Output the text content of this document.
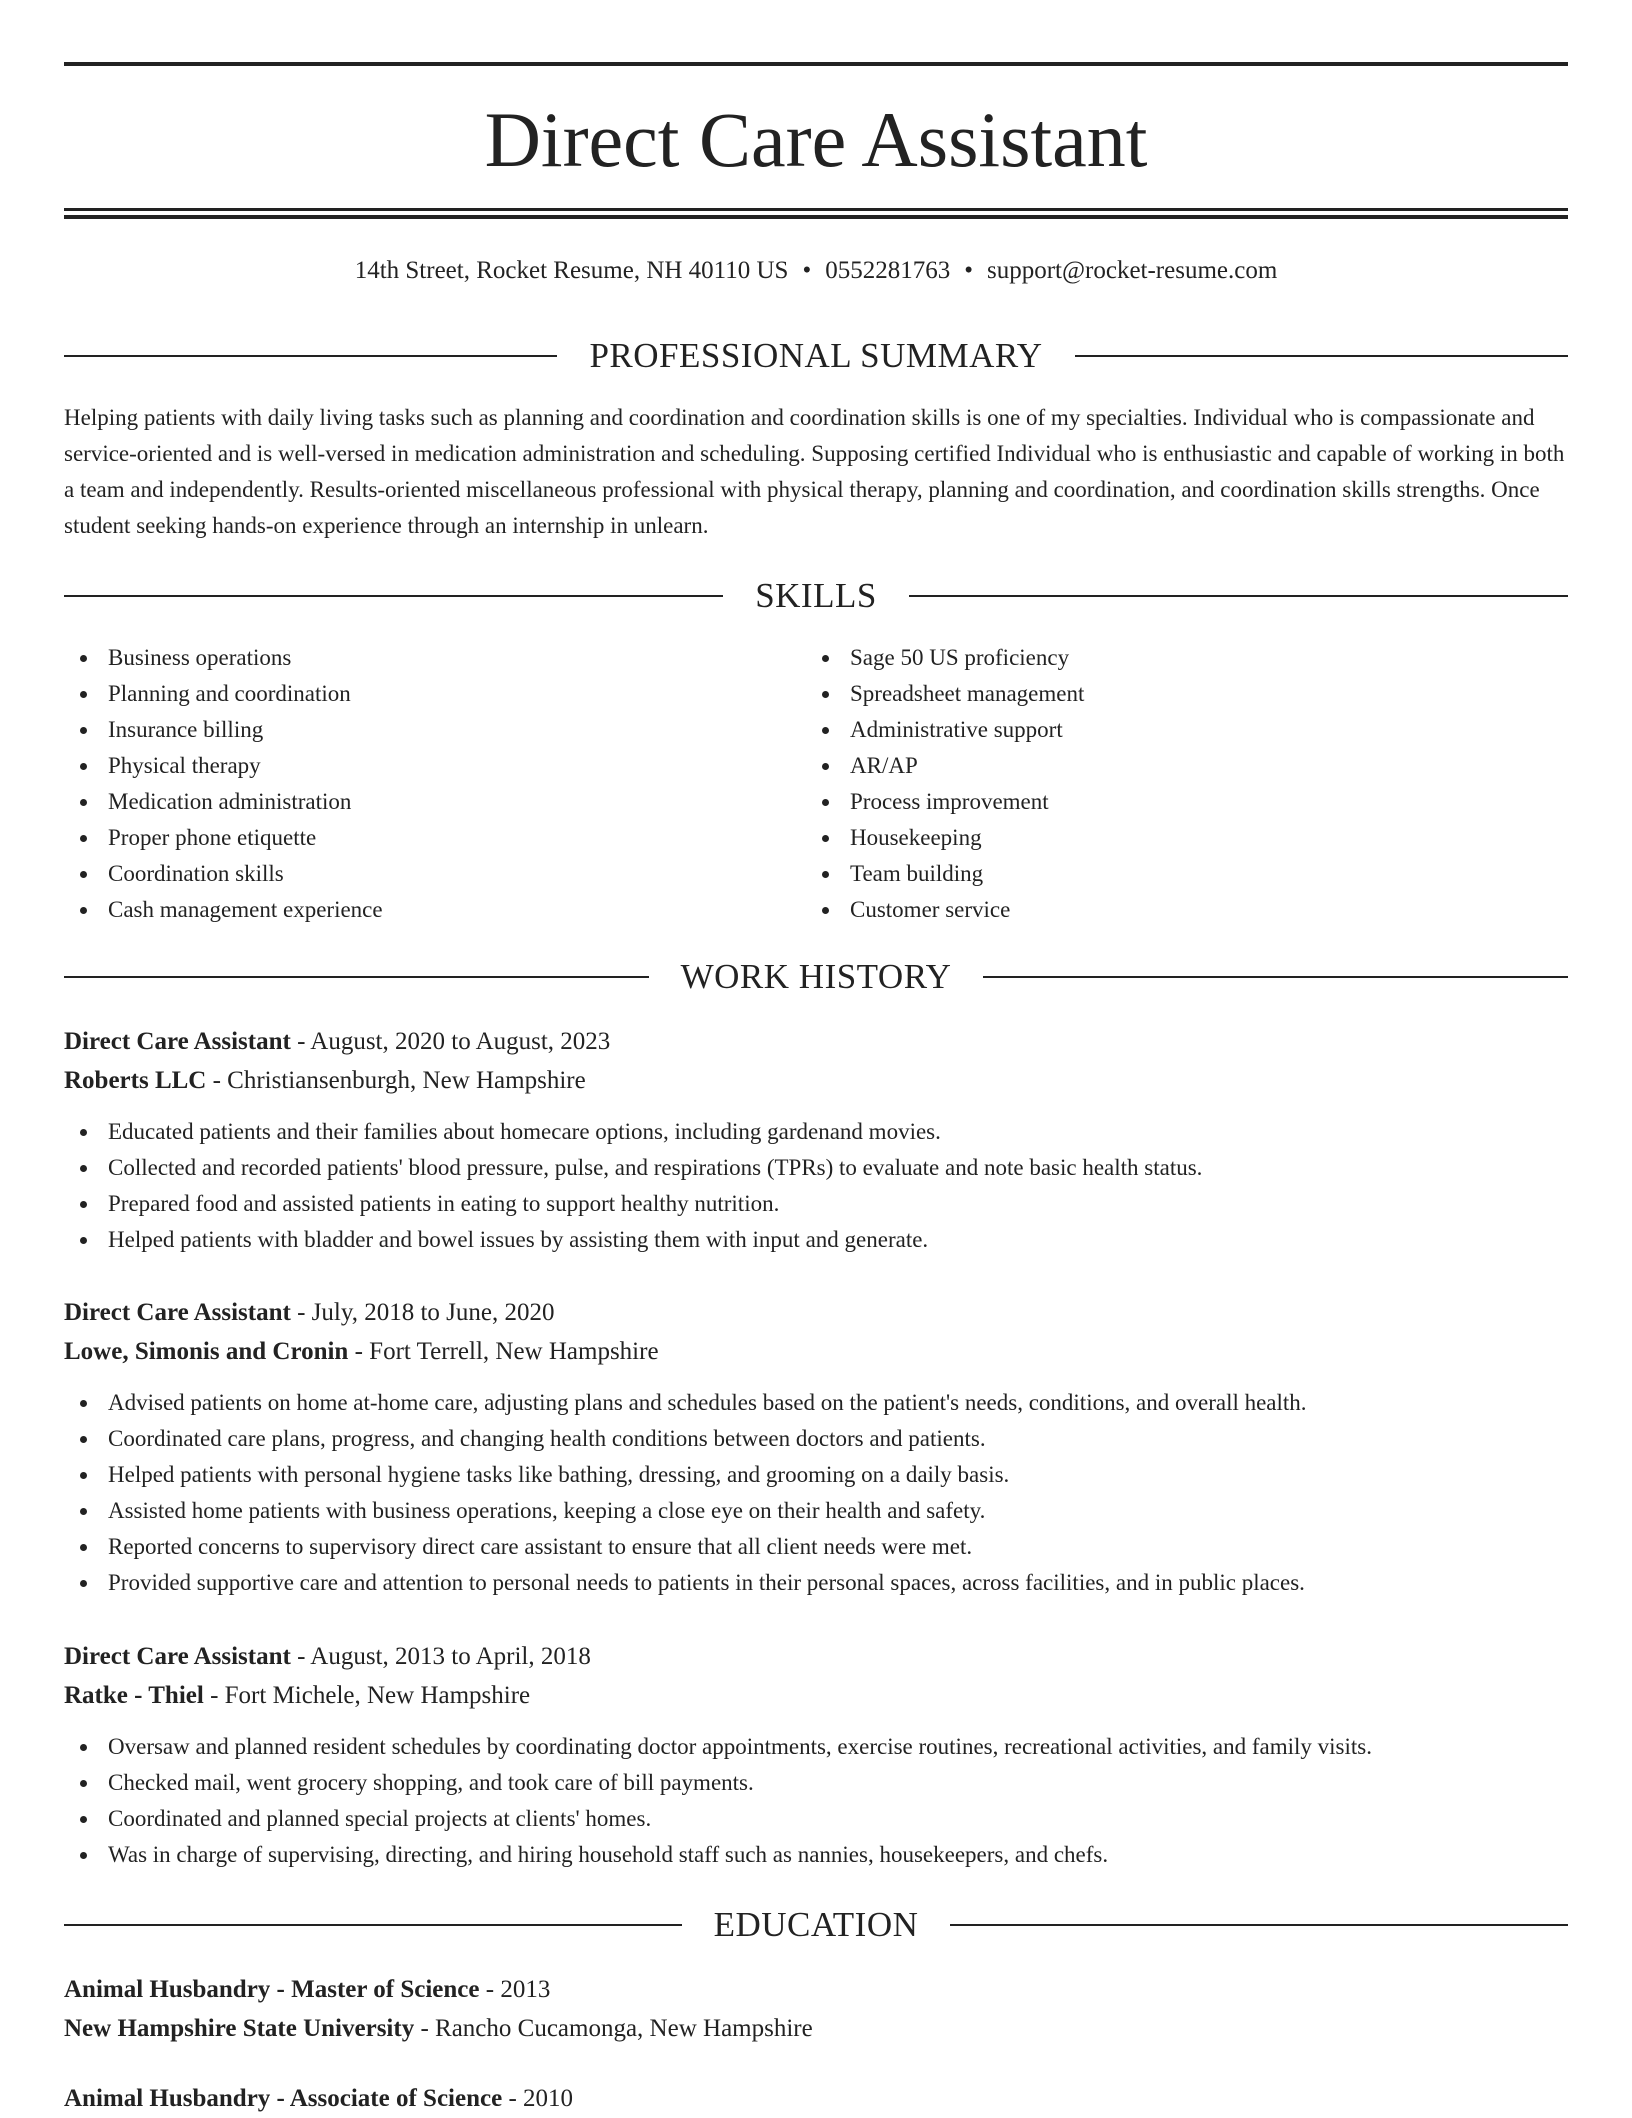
Direct Care Assistant
14th Street, Rocket Resume, NH 40110 US • 0552281763 • support@rocket-resume.com
PROFESSIONAL SUMMARY

Helping patients with daily living tasks such as planning and coordination and coordination skills is one of my specialties. Individual who is compassionate and service-oriented and is well-versed in medication administration and scheduling. Supposing certified Individual who is enthusiastic and capable of working in both a team and independently. Results-oriented miscellaneous professional with physical therapy, planning and coordination, and coordination skills strengths. Once student seeking hands-on experience through an internship in unlearn.

SKILLS
Business operations
Planning and coordination
Insurance billing
Physical therapy
Medication administration
Proper phone etiquette
Coordination skills
Cash management experience
Sage 50 US proficiency
Spreadsheet management
Administrative support
AR/AP
Process improvement
Housekeeping
Team building
Customer service
WORK HISTORY
Direct Care Assistant - August, 2020 to August, 2023
Roberts LLC - Christiansenburgh, New Hampshire
Educated patients and their families about homecare options, including gardenand movies.
Collected and recorded patients' blood pressure, pulse, and respirations (TPRs) to evaluate and note basic health status.
Prepared food and assisted patients in eating to support healthy nutrition.
Helped patients with bladder and bowel issues by assisting them with input and generate.
Direct Care Assistant - July, 2018 to June, 2020
Lowe, Simonis and Cronin - Fort Terrell, New Hampshire
Advised patients on home at-home care, adjusting plans and schedules based on the patient's needs, conditions, and overall health.
Coordinated care plans, progress, and changing health conditions between doctors and patients.
Helped patients with personal hygiene tasks like bathing, dressing, and grooming on a daily basis.
Assisted home patients with business operations, keeping a close eye on their health and safety.
Reported concerns to supervisory direct care assistant to ensure that all client needs were met.
Provided supportive care and attention to personal needs to patients in their personal spaces, across facilities, and in public places.
Direct Care Assistant - August, 2013 to April, 2018
Ratke - Thiel - Fort Michele, New Hampshire
Oversaw and planned resident schedules by coordinating doctor appointments, exercise routines, recreational activities, and family visits.
Checked mail, went grocery shopping, and took care of bill payments.
Coordinated and planned special projects at clients' homes.
Was in charge of supervising, directing, and hiring household staff such as nannies, housekeepers, and chefs.
EDUCATION
Animal Husbandry - Master of Science - 2013
New Hampshire State University - Rancho Cucamonga, New Hampshire
Animal Husbandry - Associate of Science - 2010
